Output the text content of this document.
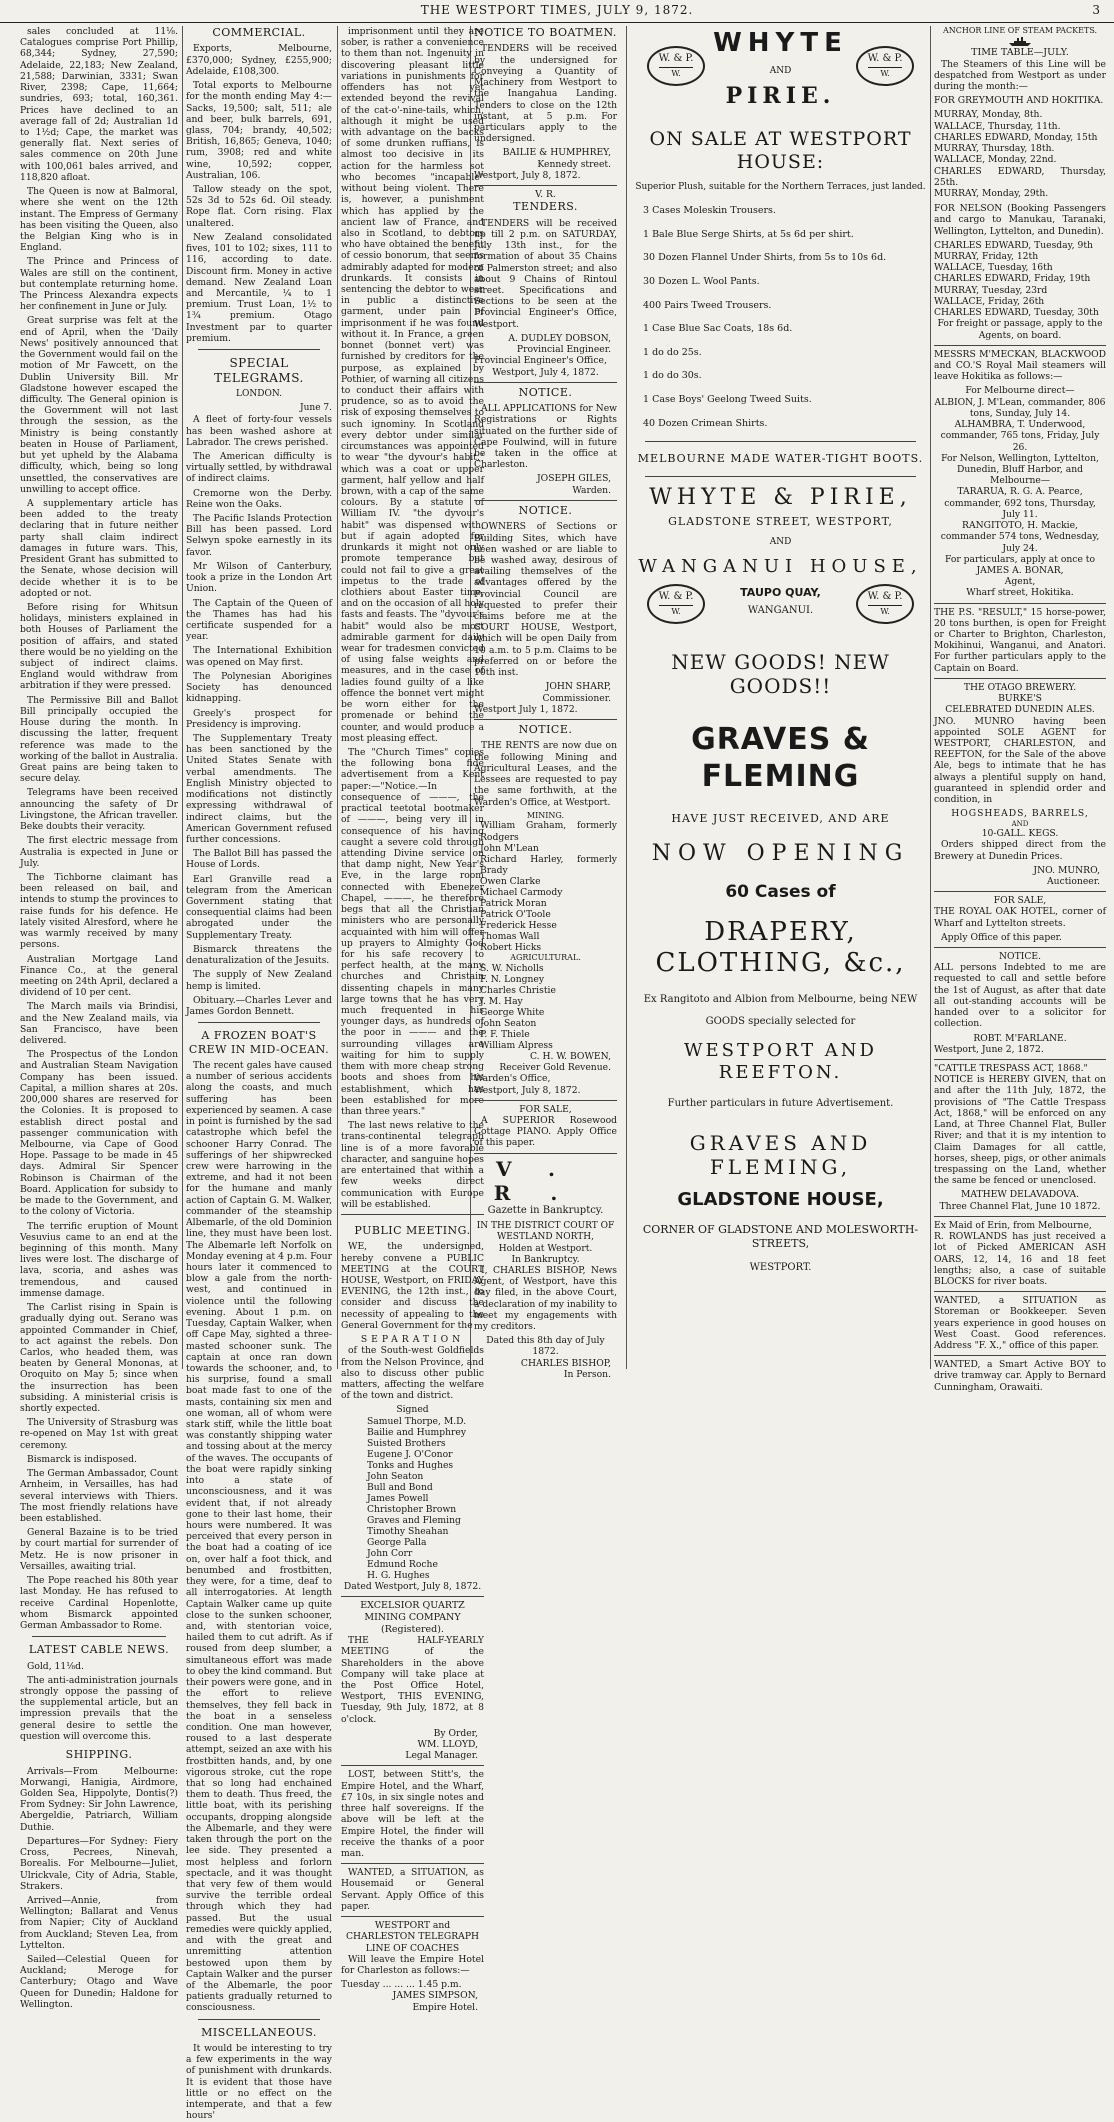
THE WESTPORT TIMES, JULY 9, 1872.	3

sales concluded at 11⅛. Catalogues comprise Port Phillip, 68,344; Sydney, 27,590; Adelaide, 22,183; New Zealand, 21,588; Darwinian, 3331; Swan River, 2398; Cape, 11,664; sundries, 693; total, 160,361. Prices have declined to an average fall of 2d; Australian 1d to 1½d; Cape, the market was generally flat. Next series of sales commence on 20th June with 100,061 bales arrived, and 118,820 afloat.

The Queen is now at Balmoral, where she went on the 12th instant. The Empress of Germany has been visiting the Queen, also the Belgian King who is in England.

The Prince and Princess of Wales are still on the continent, but contemplate returning home. The Princess Alexandra expects her confinement in June or July.

Great surprise was felt at the end of April, when the 'Daily News' positively announced that the Government would fail on the motion of Mr Fawcett, on the Dublin University Bill. Mr Gladstone however escaped the difficulty. The General opinion is the Government will not last through the session, as the Ministry is being constantly beaten in House of Parliament, but yet upheld by the Alabama difficulty, which, being so long unsettled, the conservatives are unwilling to accept office.

A supplementary article has been added to the treaty declaring that in future neither party shall claim indirect damages in future wars. This, President Grant has submitted to the Senate, whose decision will decide whether it is to be adopted or not.

Before rising for Whitsun holidays, ministers explained in both Houses of Parliament the position of affairs, and stated there would be no yielding on the subject of indirect claims. England would withdraw from arbitration if they were pressed.

The Permissive Bill and Ballot Bill principally occupied the House during the month. In discussing the latter, frequent reference was made to the working of the ballot in Australia. Great pains are being taken to secure delay.

Telegrams have been received announcing the safety of Dr Livingstone, the African traveller. Beke doubts their veracity.

The first electric message from Australia is expected in June or July.

The Tichborne claimant has been released on bail, and intends to stump the provinces to raise funds for his defence. He lately visited Alresford, where he was warmly received by many persons.

Australian Mortgage Land Finance Co., at the general meeting on 24th April, declared a dividend of 10 per cent.

The March mails via Brindisi, and the New Zealand mails, via San Francisco, have been delivered.

The Prospectus of the London and Australian Steam Navigation Company has been issued. Capital, a million shares at 20s. 200,000 shares are reserved for the Colonies. It is proposed to establish direct postal and passenger communication with Melbourne, via Cape of Good Hope. Passage to be made in 45 days. Admiral Sir Spencer Robinson is Chairman of the Board. Application for subsidy to be made to the Government, and to the colony of Victoria.

The terrific eruption of Mount Vesuvius came to an end at the beginning of this month. Many lives were lost. The discharge of lava, scoria, and ashes was tremendous, and caused immense damage.

The Carlist rising in Spain is gradually dying out. Serano was appointed Commander in Chief, to act against the rebels. Don Carlos, who headed them, was beaten by General Mononas, at Oroquito on May 5; since when the insurrection has been subsiding. A ministerial crisis is shortly expected.

The University of Strasburg was re-opened on May 1st with great ceremony.

Bismarck is indisposed.

The German Ambassador, Count Arnheim, in Versailles, has had several interviews with Thiers. The most friendly relations have been established.

General Bazaine is to be tried by court martial for surrender of Metz. He is now prisoner in Versailles, awaiting trial.

The Pope reached his 80th year last Monday. He has refused to receive Cardinal Hopenlotte, whom Bismarck appointed German Ambassador to Rome.

LATEST CABLE NEWS.

Gold, 11⅛d.

The anti-administration journals strongly oppose the passing of the supplemental article, but an impression prevails that the general desire to settle the question will overcome this.

SHIPPING.

Arrivals—From Melbourne: Morwangi, Hanigia, Airdmore, Golden Sea, Hippolyte, Dontis(?) From Sydney: Sir John Lawrence, Abergeldie, Patriarch, William Duthie.

Departures—For Sydney: Fiery Cross, Pecrees, Ninevah, Borealis. For Melbourne—Juliet, Ulrickvale, City of Adria, Stable, Strakers.

Arrived—Annie, from Wellington; Ballarat and Venus from Napier; City of Auckland from Auckland; Steven Lea, from Lyttelton.

Sailed—Celestial Queen for Auckland; Meroge for Canterbury; Otago and Wave Queen for Dunedin; Haldone for Wellington.

COMMERCIAL.

Exports, Melbourne, £370,000; Sydney, £255,900; Adelaide, £108,300.

Total exports to Melbourne for the month ending May 4:—Sacks, 19,500; salt, 511; ale and beer, bulk barrels, 691, glass, 704; brandy, 40,502; British, 16,865; Geneva, 1040; rum, 3908; red and white wine, 10,592; copper, Australian, 106.

Tallow steady on the spot, 52s 3d to 52s 6d. Oil steady. Rope flat. Corn rising. Flax unaltered.

New Zealand consolidated fives, 101 to 102; sixes, 111 to 116, according to date. Discount firm. Money in active demand. New Zealand Loan and Mercantile, ¼ to 1 premium. Trust Loan, 1½ to 1¾ premium. Otago Investment par to quarter premium.

SPECIAL TELEGRAMS.
LONDON.
June 7.

A fleet of forty-four vessels has been washed ashore at Labrador. The crews perished.

The American difficulty is virtually settled, by withdrawal of indirect claims.

Cremorne won the Derby. Reine won the Oaks.

The Pacific Islands Protection Bill has been passed. Lord Selwyn spoke earnestly in its favor.

Mr Wilson of Canterbury, took a prize in the London Art Union.

The Captain of the Queen of the Thames has had his certificate suspended for a year.

The International Exhibition was opened on May first.

The Polynesian Aborigines Society has denounced kidnapping.

Greely's prospect for Presidency is improving.

The Supplementary Treaty has been sanctioned by the United States Senate with verbal amendments. The English Ministry objected to modifications not distinctly expressing withdrawal of indirect claims, but the American Government refused further concessions.

The Ballot Bill has passed the House of Lords.

Earl Granville read a telegram from the American Government stating that consequential claims had been abrogated under the Supplementary Treaty.

Bismarck threatens the denaturalization of the Jesuits.

The supply of New Zealand hemp is limited.

Obituary.—Charles Lever and James Gordon Bennett.

A FROZEN BOAT'S CREW IN MID-OCEAN.

The recent gales have caused a number of serious accidents along the coasts, and much suffering has been experienced by seamen. A case in point is furnished by the sad catastrophe which befel the schooner Harry Conrad. The sufferings of her shipwrecked crew were harrowing in the extreme, and had it not been for the humane and manly action of Captain G. M. Walker, commander of the steamship Albemarle, of the old Dominion line, they must have been lost. The Albemarle left Norfolk on Monday evening at 4 p.m. Four hours later it commenced to blow a gale from the north-west, and continued in violence until the following evening. About 1 p.m. on Tuesday, Captain Walker, when off Cape May, sighted a three-masted schooner sunk. The captain at once ran down towards the schooner, and, to his surprise, found a small boat made fast to one of the masts, containing six men and one woman, all of whom were stark stiff, while the little boat was constantly shipping water and tossing about at the mercy of the waves. The occupants of the boat were rapidly sinking into a state of unconsciousness, and it was evident that, if not already gone to their last home, their hours were numbered. It was perceived that every person in the boat had a coating of ice on, over half a foot thick, and benumbed and frostbitten, they were, for a time, deaf to all interrogatories. At length Captain Walker came up quite close to the sunken schooner, and, with stentorian voice, hailed them to cut adrift. As if roused from deep slumber, a simultaneous effort was made to obey the kind command. But their powers were gone, and in the effort to relieve themselves, they fell back in the boat in a senseless condition. One man however, roused to a last desperate attempt, seized an axe with his frostbitten hands, and, by one vigorous stroke, cut the rope that so long had enchained them to death. Thus freed, the little boat, with its perishing occupants, dropping alongside the Albemarle, and they were taken through the port on the lee side. They presented a most helpless and forlorn spectacle, and it was thought that very few of them would survive the terrible ordeal through which they had passed. But the usual remedies were quickly applied, and with the great and unremitting attention bestowed upon them by Captain Walker and the purser of the Albemarle, the poor patients gradually returned to consciousness.

MISCELLANEOUS.

It would be interesting to try a few experiments in the way of punishment with drunkards. It is evident that those have little or no effect on the intemperate, and that a few hours'

imprisonment until they are sober, is rather a convenience to them than not. Ingenuity in discovering pleasant little variations in punishments for offenders has not yet extended beyond the revival of the cat-o'-nine-tails, which, although it might be used with advantage on the backs of some drunken ruffians, is almost too decisive in its action for the harmless sot who becomes "incapable" without being violent. There is, however, a punishment which has applied by the ancient law of France, and also in Scotland, to debtors who have obtained the benefit of cessio bonorum, that seems admirably adapted for modern drunkards. It consists in sentencing the debtor to wear in public a distinctive garment, under pain of imprisonment if he was found without it. In France, a green bonnet (bonnet vert) was furnished by creditors for the purpose, as explained by Pothier, of warning all citizens to conduct their affairs with prudence, so as to avoid the risk of exposing themselves to such ignominy. In Scotland every debtor under similar circumstances was appointed to wear "the dyvour's habit," which was a coat or upper garment, half yellow and half brown, with a cap of the same colours. By a statute of William IV. "the dyvour's habit" was dispensed with, but if again adopted for drunkards it might not only promote temperance but could not fail to give a great impetus to the trade of clothiers about Easter time, and on the occasion of all holy fasts and feasts. The "dyvour's habit" would also be most admirable garment for daily wear for tradesmen convicted of using false weights and measures, and in the case of ladies found guilty of a like offence the bonnet vert might be worn either for the promenade or behind the counter, and would produce a most pleasing effect.

The "Church Times" copies the following bona fide advertisement from a Kent paper:—"Notice.—In consequence of ———, the practical teetotal bootmaker of ———, being very ill in consequence of his having caught a severe cold through attending Divine service on that damp night, New Year's Eve, in the large room connected with Ebenezer Chapel, ———, he therefore begs that all the Christian ministers who are personally acquainted with him will offer up prayers to Almighty God for his safe recovery to perfect health, at the many churches and Christain dissenting chapels in many large towns that he has very much frequented in his younger days, as hundreds of the poor in ——— and the surrounding villages are waiting for him to supply them with more cheap strong boots and shoes from his establishment, which has been established for more than three years."

The last news relative to the trans-continental telegraph line is of a more favorable character, and sanguine hopes are entertained that within a few weeks direct communication with Europe will be established.

PUBLIC MEETING.

WE, the undersigned, hereby convene a PUBLIC MEETING at the COURT HOUSE, Westport, on FRIDAY EVENING, the 12th inst., to consider and discuss the necessity of appealing to the General Government for the

SEPARATION

of the South-west Goldfields from the Nelson Province, and also to discuss other public matters, affecting the welfare of the town and district.

Signed
Samuel Thorpe, M.D.
Bailie and Humphrey
Suisted Brothers
Eugene J. O'Conor
Tonks and Hughes
John Seaton
Bull and Bond
James Powell
Christopher Brown
Graves and Fleming
Timothy Sheahan
George Palla
John Corr
Edmund Roche
H. G. Hughes
Dated Westport, July 8, 1872.
EXCELSIOR QUARTZ MINING COMPANY (Registered).

THE HALF-YEARLY MEETING of the Shareholders in the above Company will take place at the Post Office Hotel, Westport, THIS EVENING, Tuesday, 9th July, 1872, at 8 o'clock.

By Order,
WM. LLOYD,
Legal Manager.

LOST, between Stitt's, the Empire Hotel, and the Wharf, £7 10s, in six single notes and three half sovereigns. If the above will be left at the Empire Hotel, the finder will receive the thanks of a poor man.

WANTED, a SITUATION, as Housemaid or General Servant. Apply Office of this paper.

WESTPORT and CHARLESTON TELEGRAPH LINE OF COACHES

Will leave the Empire Hotel for Charleston as follows:—

Tuesday ... ... ... 1.45 p.m.
JAMES SIMPSON,
Empire Hotel.
NOTICE TO BOATMEN.

TENDERS will be received by the undersigned for Conveying a Quantity of Machinery from Westport to the Inangahua Landing. Tenders to close on the 12th instant, at 5 p.m. For particulars apply to the undersigned.

BAILIE & HUMPHREY,
Kennedy street.
Westport, July 8, 1872.
V. R.
TENDERS.

TENDERS will be received up till 2 p.m. on SATURDAY, July 13th inst., for the formation of about 35 Chains of Palmerston street; and also about 9 Chains of Rintoul street. Specifications and Sections to be seen at the Provincial Engineer's Office, Westport.

A. DUDLEY DOBSON,
Provincial Engineer.
Provincial Engineer's Office,
Westport, July 4, 1872.
NOTICE.

ALL APPLICATIONS for New Registrations or Rights situated on the further side of Cape Foulwind, will in future be taken in the office at Charleston.

JOSEPH GILES,
Warden.
NOTICE.

OWNERS of Sections or Building Sites, which have been washed or are liable to be washed away, desirous of availing themselves of the advantages offered by the Provincial Council are requested to prefer their claims before me at the COURT HOUSE, Westport, which will be open Daily from 10 a.m. to 5 p.m. Claims to be preferred on or before the 10th inst.

JOHN SHARP,
Commissioner.
Westport July 1, 1872.
NOTICE.

THE RENTS are now due on the following Mining and Agricultural Leases, and the Lessees are requested to pay the same forthwith, at the Warden's Office, at Westport.

MINING.
William Graham, formerly Rodgers
John M'Lean
Richard Harley, formerly Brady
Owen Clarke
Michael Carmody
Patrick Moran
Patrick O'Toole
Frederick Hesse
Thomas Wall
Robert Hicks
AGRICULTURAL.
S. W. Nicholls
F. N. Longney
Charles Christie
J. M. Hay
George White
John Seaton
P. F. Thiele
William Alpress
C. H. W. BOWEN,
Receiver Gold Revenue.
Warden's Office,
Westport, July 8, 1872.
FOR SALE,

A SUPERIOR Rosewood Cottage PIANO. Apply Office of this paper.

V. R.
Gazette in Bankruptcy.
IN THE DISTRICT COURT OF WESTLAND NORTH,
Holden at Westport.
In Bankruptcy.

I, CHARLES BISHOP, News Agent, of Westport, have this day filed, in the above Court, a declaration of my inability to meet my engagements with my creditors.

Dated this 8th day of July 1872.
CHARLES BISHOP,
In Person.
W. & P.
W.
W. & P.
W.
WHYTE
AND
PIRIE.
ON SALE AT WESTPORT HOUSE:
Superior Plush, suitable for the Northern Terraces, just landed.
3 Cases Moleskin Trousers.
1 Bale Blue Serge Shirts, at 5s 6d per shirt.
30 Dozen Flannel Under Shirts, from 5s to 10s 6d.
30 Dozen L. Wool Pants.
400 Pairs Tweed Trousers.
1 Case Blue Sac Coats, 18s 6d.
1 do do 25s.
1 do do 30s.
1 Case Boys' Geelong Tweed Suits.
40 Dozen Crimean Shirts.
MELBOURNE MADE WATER-TIGHT BOOTS.
WHYTE & PIRIE,
GLADSTONE STREET, WESTPORT,
AND
WANGANUI HOUSE,
W. & P.
W.
W. & P.
W.
TAUPO QUAY,
WANGANUI.
NEW GOODS! NEW GOODS!!
GRAVES & FLEMING
HAVE JUST RECEIVED, AND ARE
NOW OPENING
60 Cases of
DRAPERY, CLOTHING, &c.,
Ex Rangitoto and Albion from Melbourne, being NEW
GOODS specially selected for
WESTPORT AND REEFTON.
Further particulars in future Advertisement.
GRAVES AND FLEMING,
GLADSTONE HOUSE,
CORNER OF GLADSTONE AND MOLESWORTH-STREETS,
WESTPORT.
ANCHOR LINE OF STEAM PACKETS.
TIME TABLE—JULY.

The Steamers of this Line will be despatched from Westport as under during the month:—

FOR GREYMOUTH AND HOKITIKA.

MURRAY, Monday, 8th.
WALLACE, Thursday, 11th.
CHARLES EDWARD, Monday, 15th
MURRAY, Thursday, 18th.
WALLACE, Monday, 22nd.
CHARLES EDWARD, Thursday, 25th.
MURRAY, Monday, 29th.

FOR NELSON (Booking Passengers and cargo to Manukau, Taranaki, Wellington, Lyttelton, and Dunedin).

CHARLES EDWARD, Tuesday, 9th
MURRAY, Friday, 12th
WALLACE, Tuesday, 16th
CHARLES EDWARD, Friday, 19th
MURRAY, Tuesday, 23rd
WALLACE, Friday, 26th
CHARLES EDWARD, Tuesday, 30th

For freight or passage, apply to the Agents, on board.

MESSRS M'MECKAN, BLACKWOOD and CO.'S Royal Mail steamers will leave Hokitika as follows:—

For Melbourne direct—
ALBION, J. M'Lean, commander, 806 tons, Sunday, July 14.
ALHAMBRA, T. Underwood, commander, 765 tons, Friday, July 26.
For Nelson, Wellington, Lyttelton, Dunedin, Bluff Harbor, and Melbourne—
TARARUA, R. G. A. Pearce, commander, 692 tons, Thursday, July 11.
RANGITOTO, H. Mackie, commander 574 tons, Wednesday, July 24.
For particulars, apply at once to
JAMES A. BONAR,
Agent,
Wharf street, Hokitika.

THE P.S. "RESULT," 15 horse-power, 20 tons burthen, is open for Freight or Charter to Brighton, Charleston, Mokihinui, Wanganui, and Anatori. For further particulars apply to the Captain on Board.

THE OTAGO BREWERY.
BURKE'S
CELEBRATED DUNEDIN ALES.

JNO. MUNRO having been appointed SOLE AGENT for WESTPORT, CHARLESTON, and REEFTON, for the Sale of the above Ale, begs to intimate that he has always a plentiful supply on hand, guaranteed in splendid order and condition, in

HOGSHEADS, BARRELS,
AND
10-GALL. KEGS.

Orders shipped direct from the Brewery at Dunedin Prices.

JNO. MUNRO,
Auctioneer.
FOR SALE,

THE ROYAL OAK HOTEL, corner of Wharf and Lyttelton streets.

Apply Office of this paper.

NOTICE.

ALL persons Indebted to me are requested to call and settle before the 1st of August, as after that date all out-standing accounts will be handed over to a solicitor for collection.

ROBT. M'FARLANE.
Westport, June 2, 1872.
"CATTLE TRESPASS ACT, 1868."

NOTICE is HEREBY GIVEN, that on and after the 11th July, 1872, the provisions of "The Cattle Trespass Act, 1868," will be enforced on any Land, at Three Channel Flat, Buller River; and that it is my intention to Claim Damages for all cattle, horses, sheep, pigs, or other animals trespassing on the Land, whether the same be fenced or unenclosed.

MATHEW DELAVADOVA.
Three Channel Flat, June 10 1872.
Ex Maid of Erin, from Melbourne,

R. ROWLANDS has just received a lot of Picked AMERICAN ASH OARS, 12, 14, 16 and 18 feet lengths; also, a case of suitable BLOCKS for river boats.

WANTED, a SITUATION as Storeman or Bookkeeper. Seven years experience in good houses on West Coast. Good references. Address "F. X.," office of this paper.

WANTED, a Smart Active BOY to drive tramway car. Apply to Bernard Cunningham, Orawaiti.
